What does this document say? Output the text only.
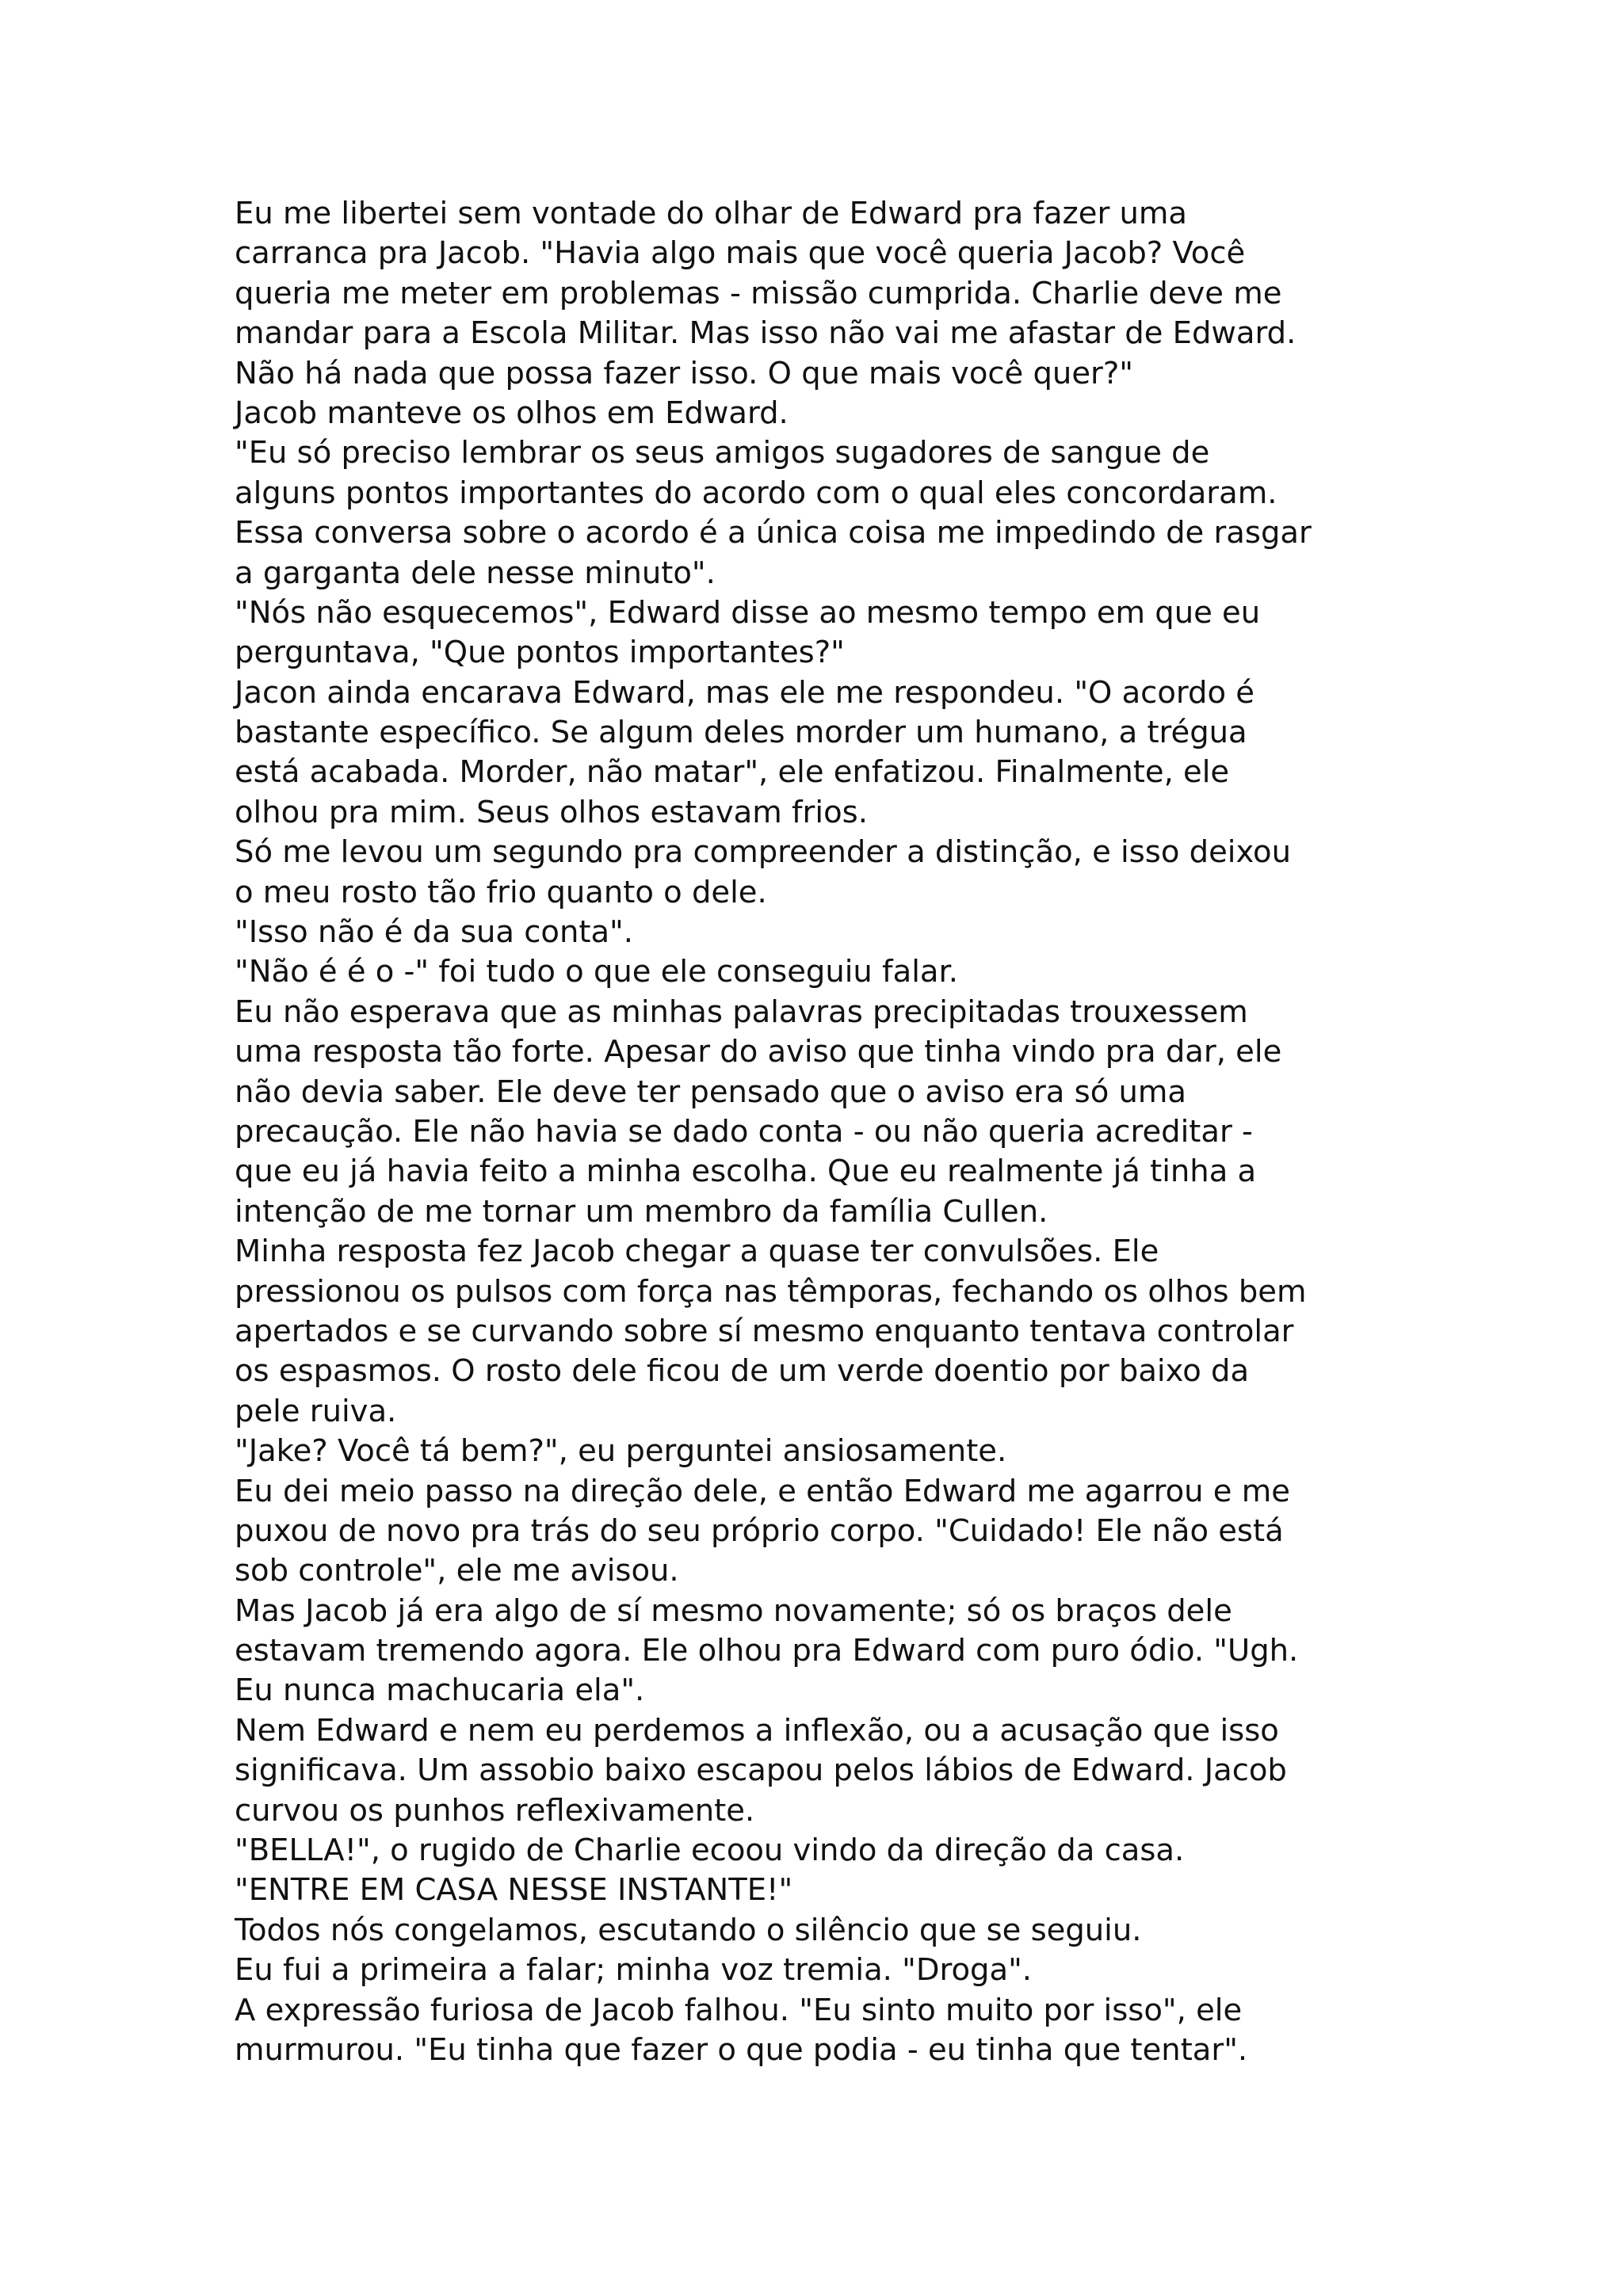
Eu me libertei sem vontade do olhar de Edward pra fazer uma
carranca pra Jacob. "Havia algo mais que você queria Jacob? Você
queria me meter em problemas - missão cumprida. Charlie deve me
mandar para a Escola Militar. Mas isso não vai me afastar de Edward.
Não há nada que possa fazer isso. O que mais você quer?"
Jacob manteve os olhos em Edward.
"Eu só preciso lembrar os seus amigos sugadores de sangue de
alguns pontos importantes do acordo com o qual eles concordaram.
Essa conversa sobre o acordo é a única coisa me impedindo de rasgar
a garganta dele nesse minuto".
"Nós não esquecemos", Edward disse ao mesmo tempo em que eu
perguntava, "Que pontos importantes?"
Jacon ainda encarava Edward, mas ele me respondeu. "O acordo é
bastante específico. Se algum deles morder um humano, a trégua
está acabada. Morder, não matar", ele enfatizou. Finalmente, ele
olhou pra mim. Seus olhos estavam frios.
Só me levou um segundo pra compreender a distinção, e isso deixou
o meu rosto tão frio quanto o dele.
"Isso não é da sua conta".
"Não é é o -" foi tudo o que ele conseguiu falar.
Eu não esperava que as minhas palavras precipitadas trouxessem
uma resposta tão forte. Apesar do aviso que tinha vindo pra dar, ele
não devia saber. Ele deve ter pensado que o aviso era só uma
precaução. Ele não havia se dado conta - ou não queria acreditar -
que eu já havia feito a minha escolha. Que eu realmente já tinha a
intenção de me tornar um membro da família Cullen.
Minha resposta fez Jacob chegar a quase ter convulsões. Ele
pressionou os pulsos com força nas têmporas, fechando os olhos bem
apertados e se curvando sobre sí mesmo enquanto tentava controlar
os espasmos. O rosto dele ficou de um verde doentio por baixo da
pele ruiva.
"Jake? Você tá bem?", eu perguntei ansiosamente.
Eu dei meio passo na direção dele, e então Edward me agarrou e me
puxou de novo pra trás do seu próprio corpo. "Cuidado! Ele não está
sob controle", ele me avisou.
Mas Jacob já era algo de sí mesmo novamente; só os braços dele
estavam tremendo agora. Ele olhou pra Edward com puro ódio. "Ugh.
Eu nunca machucaria ela".
Nem Edward e nem eu perdemos a inflexão, ou a acusação que isso
significava. Um assobio baixo escapou pelos lábios de Edward. Jacob
curvou os punhos reflexivamente.
"BELLA!", o rugido de Charlie ecoou vindo da direção da casa.
"ENTRE EM CASA NESSE INSTANTE!"
Todos nós congelamos, escutando o silêncio que se seguiu.
Eu fui a primeira a falar; minha voz tremia. "Droga".
A expressão furiosa de Jacob falhou. "Eu sinto muito por isso", ele
murmurou. "Eu tinha que fazer o que podia - eu tinha que tentar".
